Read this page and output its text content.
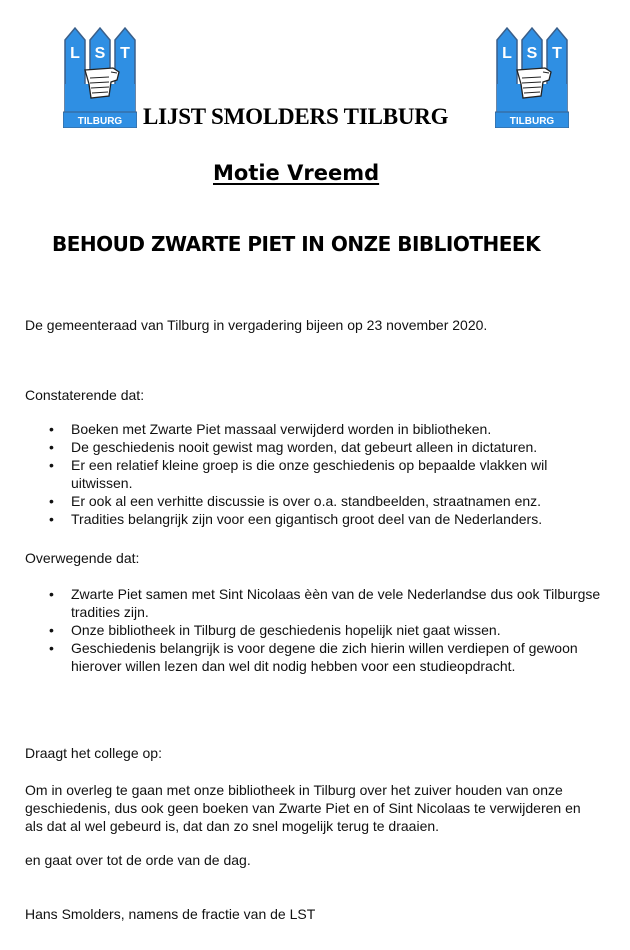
L S T
TILBURG LIJST SMOLDERS TILBURG
L S T
TILBURG
Motie Vreemd
BEHOUD ZWARTE PIET IN ONZE BIBLIOTHEEK
De gemeenteraad van Tilburg in vergadering bijeen op 23 november 2020.
Constaterende dat:
• Boeken met Zwarte Piet massaal verwijderd worden in bibliotheken.
• De geschiedenis nooit gewist mag worden, dat gebeurt alleen in dictaturen.
• Er een relatief kleine groep is die onze geschiedenis op bepaalde vlakken wil uitwissen.
• Er ook al een verhitte discussie is over o.a. standbeelden, straatnamen enz.
• Tradities belangrijk zijn voor een gigantisch groot deel van de Nederlanders.
Overwegende dat:
• Zwarte Piet samen met Sint Nicolaas èèn van de vele Nederlandse dus ook Tilburgse tradities zijn.
• Onze bibliotheek in Tilburg de geschiedenis hopelijk niet gaat wissen.
• Geschiedenis belangrijk is voor degene die zich hierin willen verdiepen of gewoon hierover willen lezen dan wel dit nodig hebben voor een studieopdracht.
Draagt het college op:
Om in overleg te gaan met onze bibliotheek in Tilburg over het zuiver houden van onze geschiedenis, dus ook geen boeken van Zwarte Piet en of Sint Nicolaas te verwijderen en als dat al wel gebeurd is, dat dan zo snel mogelijk terug te draaien.
en gaat over tot de orde van de dag.
Hans Smolders, namens de fractie van de LST
